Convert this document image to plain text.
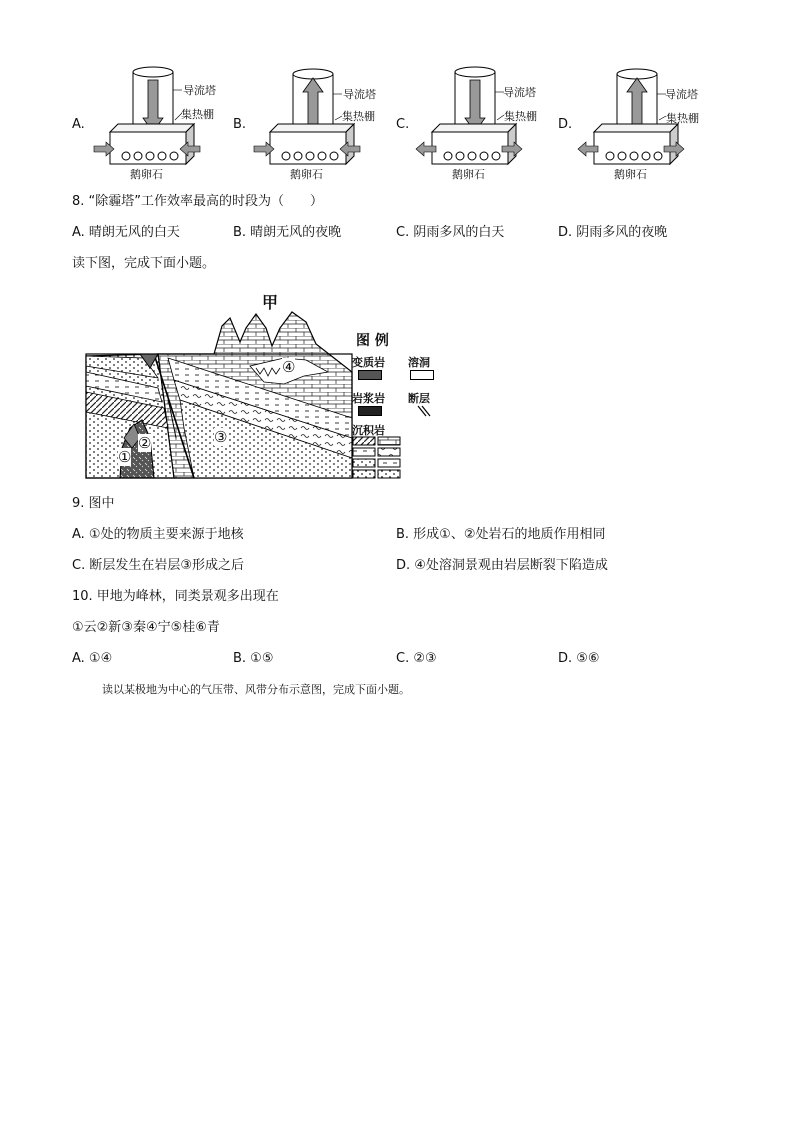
A.
导流塔
集热棚
鹅卵石
B.
导流塔
集热棚
鹅卵石
C.
导流塔
集热棚
鹅卵石
D.
导流塔
集热棚
鹅卵石
8. “除霾塔”工作效率最高的时段为（　　）
A. 晴朗无风的白天	B. 晴朗无风的夜晚	C. 阴雨多风的白天	D. 阴雨多风的夜晚
读下图，完成下面小题。
甲
①
②	③
④
图 例
变质岩 溶洞
岩浆岩 断层
沉积岩
9. 图中
A. ①处的物质主要来源于地核	B. 形成①、②处岩石的地质作用相同
C. 断层发生在岩层③形成之后	D. ④处溶洞景观由岩层断裂下陷造成
10. 甲地为峰林，同类景观多出现在
①云②新③秦④宁⑤桂⑥青
A. ①④	B. ①⑤	C. ②③	D. ⑤⑥
读以某极地为中心的气压带、风带分布示意图，完成下面小题。
